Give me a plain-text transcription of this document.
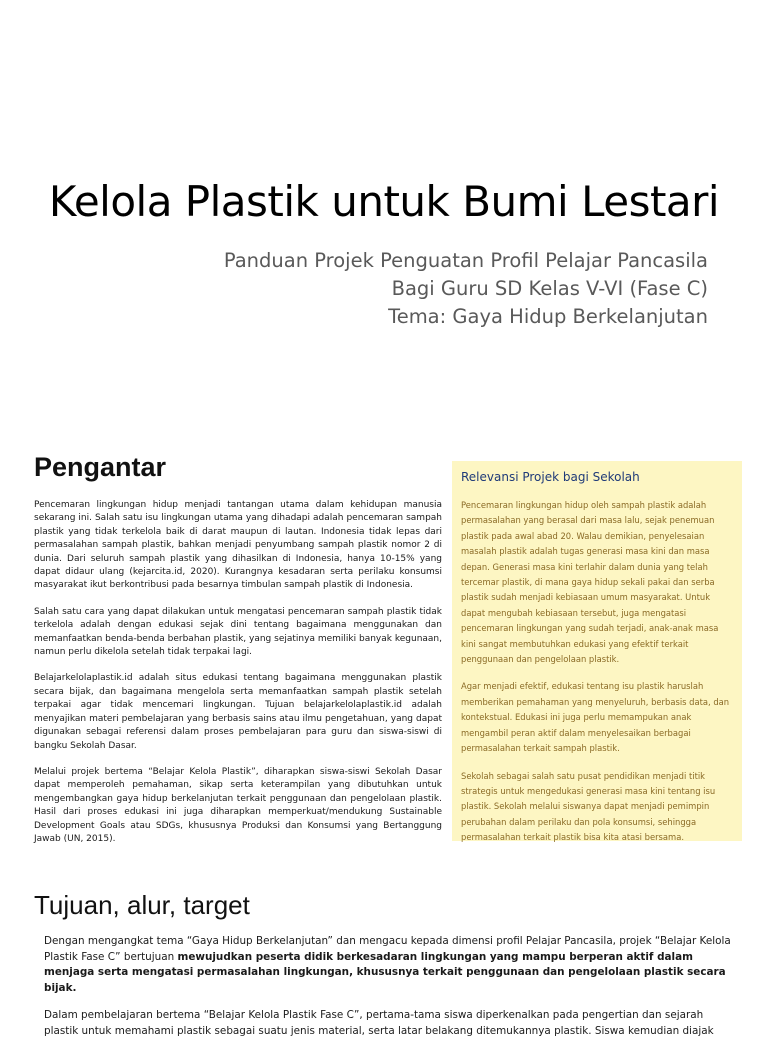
Kelola Plastik untuk Bumi Lestari
Panduan Projek Penguatan Profil Pelajar Pancasila
Bagi Guru SD Kelas V-VI (Fase C)
Tema: Gaya Hidup Berkelanjutan
Pengantar

Pencemaran lingkungan hidup menjadi tantangan utama dalam kehidupan manusia sekarang ini. Salah satu isu lingkungan utama yang dihadapi adalah pencemaran sampah plastik yang tidak terkelola baik di darat maupun di lautan. Indonesia tidak lepas dari permasalahan sampah plastik, bahkan menjadi penyumbang sampah plastik nomor 2 di dunia. Dari seluruh sampah plastik yang dihasilkan di Indonesia, hanya 10-15% yang dapat didaur ulang (kejarcita.id, 2020). Kurangnya kesadaran serta perilaku konsumsi masyarakat ikut berkontribusi pada besarnya timbulan sampah plastik di Indonesia.

Salah satu cara yang dapat dilakukan untuk mengatasi pencemaran sampah plastik tidak terkelola adalah dengan edukasi sejak dini tentang bagaimana menggunakan dan memanfaatkan benda-benda berbahan plastik, yang sejatinya memiliki banyak kegunaan, namun perlu dikelola setelah tidak terpakai lagi.

Belajarkelolaplastik.id adalah situs edukasi tentang bagaimana menggunakan plastik secara bijak, dan bagaimana mengelola serta memanfaatkan sampah plastik setelah terpakai agar tidak mencemari lingkungan. Tujuan belajarkelolaplastik.id adalah menyajikan materi pembelajaran yang berbasis sains atau ilmu pengetahuan, yang dapat digunakan sebagai referensi dalam proses pembelajaran para guru dan siswa-siswi di bangku Sekolah Dasar.

Melalui projek bertema “Belajar Kelola Plastik”, diharapkan siswa-siswi Sekolah Dasar dapat memperoleh pemahaman, sikap serta keterampilan yang dibutuhkan untuk mengembangkan gaya hidup berkelanjutan terkait penggunaan dan pengelolaan plastik. Hasil dari proses edukasi ini juga diharapkan memperkuat/mendukung Sustainable Development Goals atau SDGs, khususnya Produksi dan Konsumsi yang Bertanggung Jawab (UN, 2015).

Relevansi Projek bagi Sekolah

Pencemaran lingkungan hidup oleh sampah plastik adalah permasalahan yang berasal dari masa lalu, sejak penemuan plastik pada awal abad 20. Walau demikian, penyelesaian masalah plastik adalah tugas generasi masa kini dan masa depan. Generasi masa kini terlahir dalam dunia yang telah tercemar plastik, di mana gaya hidup sekali pakai dan serba plastik sudah menjadi kebiasaan umum masyarakat. Untuk dapat mengubah kebiasaan tersebut, juga mengatasi pencemaran lingkungan yang sudah terjadi, anak-anak masa kini sangat membutuhkan edukasi yang efektif terkait penggunaan dan pengelolaan plastik.

Agar menjadi efektif, edukasi tentang isu plastik haruslah memberikan pemahaman yang menyeluruh, berbasis data, dan kontekstual. Edukasi ini juga perlu memampukan anak mengambil peran aktif dalam menyelesaikan berbagai permasalahan terkait sampah plastik.

Sekolah sebagai salah satu pusat pendidikan menjadi titik strategis untuk mengedukasi generasi masa kini tentang isu plastik. Sekolah melalui siswanya dapat menjadi pemimpin perubahan dalam perilaku dan pola konsumsi, sehingga permasalahan terkait plastik bisa kita atasi bersama.

Tujuan, alur, target

Dengan mengangkat tema “Gaya Hidup Berkelanjutan” dan mengacu kepada dimensi profil Pelajar Pancasila, projek “Belajar Kelola Plastik Fase C” bertujuan mewujudkan peserta didik berkesadaran lingkungan yang mampu berperan aktif dalam menjaga serta mengatasi permasalahan lingkungan, khususnya terkait penggunaan dan pengelolaan plastik secara bijak.

Dalam pembelajaran bertema “Belajar Kelola Plastik Fase C”, pertama-tama siswa diperkenalkan pada pengertian dan sejarah plastik untuk memahami plastik sebagai suatu jenis material, serta latar belakang ditemukannya plastik. Siswa kemudian diajak
